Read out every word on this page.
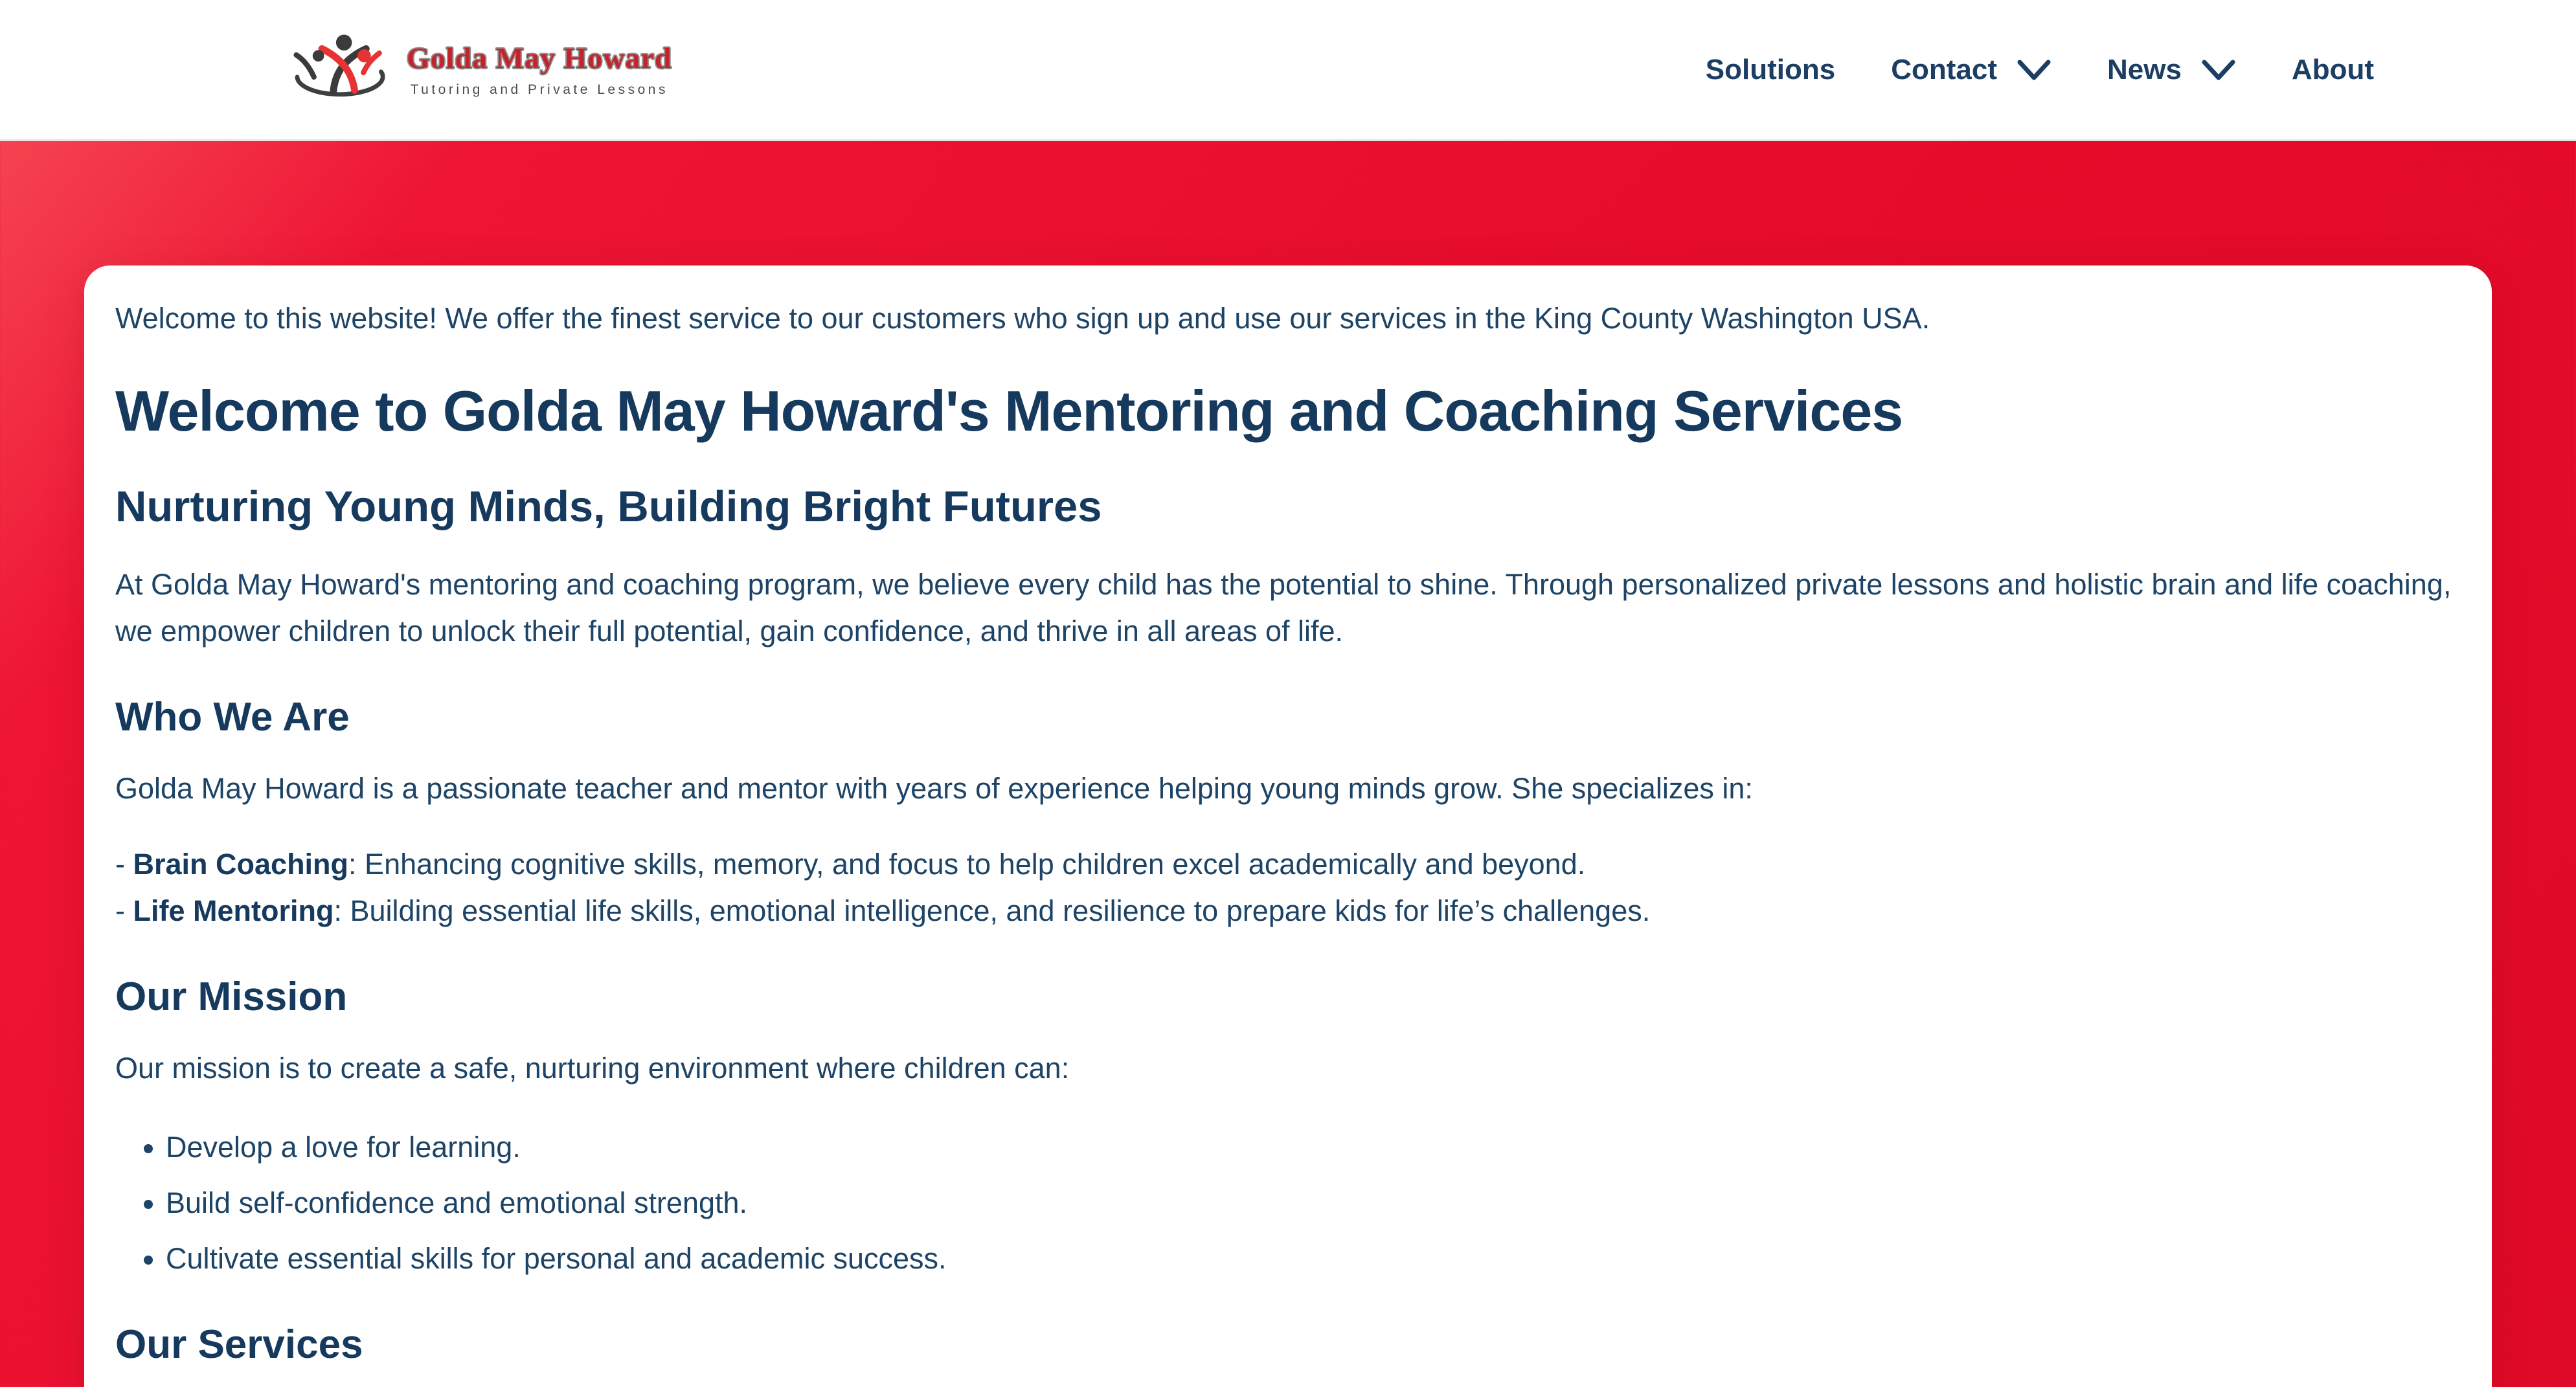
Golda May Howard
Tutoring and Private Lessons
Solutions Contact	News	About

Welcome to this website! We offer the finest service to our customers who sign up and use our services in the King County Washington USA.

Welcome to Golda May Howard's Mentoring and Coaching Services
Nurturing Young Minds, Building Bright Futures

At Golda May Howard's mentoring and coaching program, we believe every child has the potential to shine. Through personalized private lessons and holistic brain and life coaching, we empower children to unlock their full potential, gain confidence, and thrive in all areas of life.

Who We Are

Golda May Howard is a passionate teacher and mentor with years of experience helping young minds grow. She specializes in:

- Brain Coaching: Enhancing cognitive skills, memory, and focus to help children excel academically and beyond.
- Life Mentoring: Building essential life skills, emotional intelligence, and resilience to prepare kids for life’s challenges.

Our Mission

Our mission is to create a safe, nurturing environment where children can:

• Develop a love for learning.
• Build self-confidence and emotional strength.
• Cultivate essential skills for personal and academic success.
Our Services
